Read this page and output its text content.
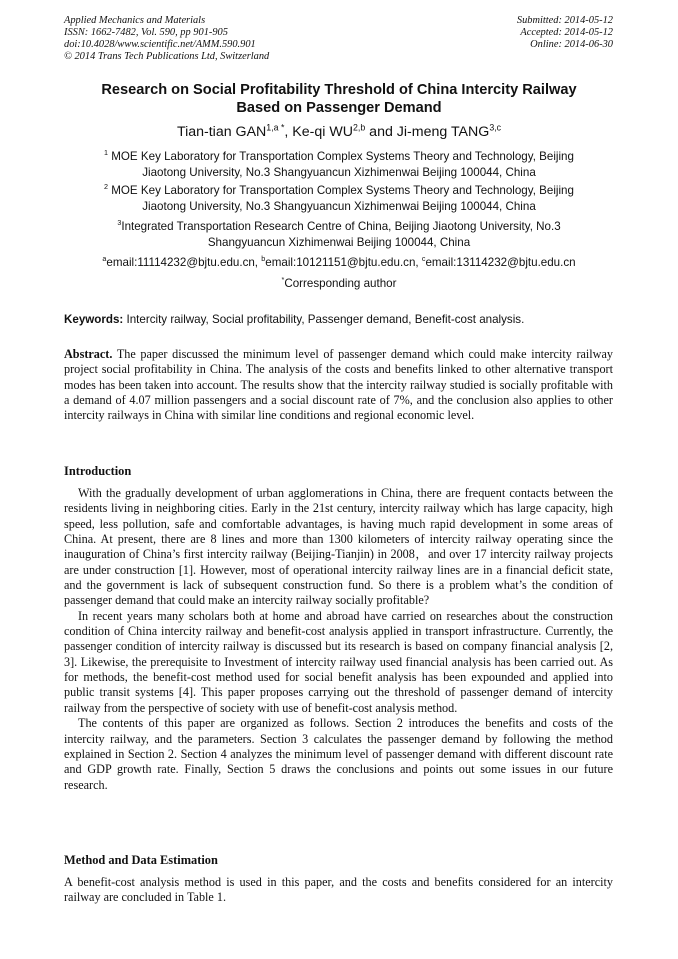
Applied Mechanics and Materials
ISSN: 1662-7482, Vol. 590, pp 901-905
doi:10.4028/www.scientific.net/AMM.590.901
© 2014 Trans Tech Publications Ltd, Switzerland
Submitted: 2014-05-12
Accepted: 2014-05-12
Online: 2014-06-30
Research on Social Profitability Threshold of China Intercity Railway
Based on Passenger Demand
Tian-tian $GAN^{1,a *}$, Ke-qi WU$^{2,b}$ and Ji-meng TANG$^{3,c}$
$^1$ MOE Key Laboratory for Transportation Complex Systems Theory and Technology, Beijing
Jiaotong University, No.3 Shangyuancun Xizhimenwai Beijing 100044, China
$^2$ MOE Key Laboratory for Transportation Complex Systems Theory and Technology, Beijing
Jiaotong University, No.3 Shangyuancun Xizhimenwai Beijing 100044, China
$^3$Integrated Transportation Research Centre of China, Beijing Jiaotong University, No.3
Shangyuancun Xizhimenwai Beijing 100044, China
$^a$email:11114232@bjtu.edu.cn, $^b$email:10121151@bjtu.edu.cn, $^c$email:13114232@bjtu.edu.cn
*Corresponding author
Keywords: Intercity railway, Social profitability, Passenger demand, Benefit-cost analysis.

Abstract. The paper discussed the minimum level of passenger demand which could make intercity railway project social profitability in China. The analysis of the costs and benefits linked to other alternative transport modes has been taken into account. The results show that the intercity railway studied is socially profitable with a demand of 4.07 million passengers and a social discount rate of 7%, and the conclusion also applies to other intercity railways in China with similar line conditions and regional economic level.

Introduction

With the gradually development of urban agglomerations in China, there are frequent contacts between the residents living in neighboring cities. Early in the 21st century, intercity railway which has large capacity, high speed, less pollution, safe and comfortable advantages, is having much rapid development in some areas of China. At present, there are 8 lines and more than 1300 kilometers of intercity railway operating since the inauguration of China’s first intercity railway (Beijing-Tianjin) in 2008，and over 17 intercity railway projects are under construction [1]. However, most of operational intercity railway lines are in a financial deficit state, and the government is lack of subsequent construction fund. So there is a problem what’s the condition of passenger demand that could make an intercity railway socially profitable?

In recent years many scholars both at home and abroad have carried on researches about the construction condition of China intercity railway and benefit-cost analysis applied in transport infrastructure. Currently, the passenger condition of intercity railway is discussed but its research is based on company financial analysis [2, 3]. Likewise, the prerequisite to Investment of intercity railway used financial analysis has been carried out. As for methods, the benefit-cost method used for social benefit analysis has been expounded and applied into public transit systems [4]. This paper proposes carrying out the threshold of passenger demand of intercity railway from the perspective of society with use of benefit-cost analysis method.

The contents of this paper are organized as follows. Section 2 introduces the benefits and costs of the intercity railway, and the parameters. Section 3 calculates the passenger demand by following the method explained in Section 2. Section 4 analyzes the minimum level of passenger demand with different discount rate and GDP growth rate. Finally, Section 5 draws the conclusions and points out some issues in our future research.

Method and Data Estimation

A benefit-cost analysis method is used in this paper, and the costs and benefits considered for an intercity railway are concluded in Table 1.
